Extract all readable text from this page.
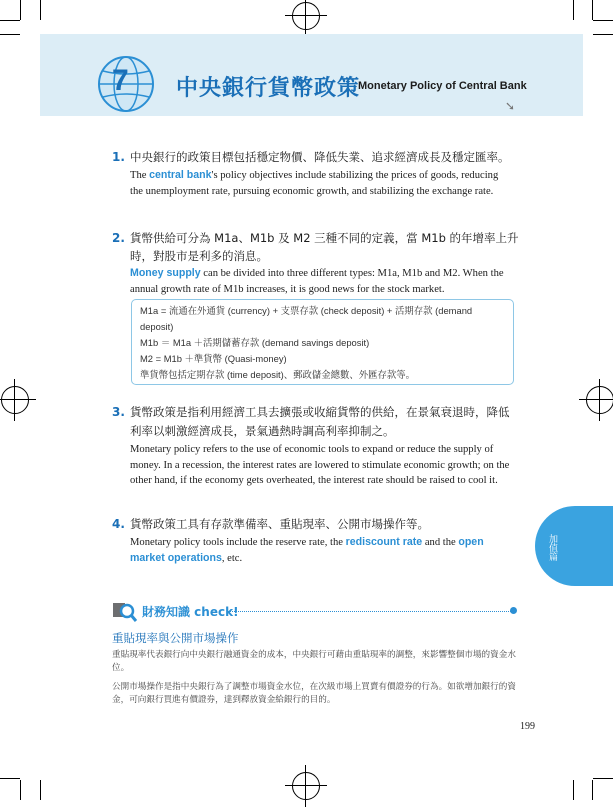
7 中央銀行貨幣政策
Monetary Policy of Central Bank
➘
1. 中央銀行的政策目標包括穩定物價、降低失業、追求經濟成長及穩定匯率。
The central bank's policy objectives include stabilizing the prices of goods, reducing the unemployment rate, pursuing economic growth, and stabilizing the exchange rate.
2. 貨幣供給可分為 M1a、M1b 及 M2 三種不同的定義，當 M1b 的年增率上升
時，對股市是利多的消息。
Money supply can be divided into three different types: M1a, M1b and M2. When the annual growth rate of M1b increases, it is good news for the stock market.
M1a = 流通在外通貨 (currency) + 支票存款 (check deposit) + 活期存款 (demand
deposit)
M1b ＝ M1a ＋活期儲蓄存款 (demand savings deposit)
M2 = M1b ＋準貨幣 (Quasi-money)
準貨幣包括定期存款 (time deposit)、郵政儲金總數、外匯存款等。
3. 貨幣政策是指利用經濟工具去擴張或收縮貨幣的供給，在景氣衰退時，降低
利率以刺激經濟成長，景氣過熱時調高利率抑制之。
Monetary policy refers to the use of economic tools to expand or reduce the supply of money. In a recession, the interest rates are lowered to stimulate economic growth; on the other hand, if the economy gets overheated, the interest rate should be raised to cool it.
4. 貨幣政策工具有存款準備率、重貼現率、公開市場操作等。
Monetary policy tools include the reserve rate, the rediscount rate and the open market operations, etc.	加值篇
財務知識 check!
重貼現率與公開市場操作
重貼現率代表銀行向中央銀行融通資金的成本，中央銀行可藉由重貼現率的調整，來影響整個市場的資金水位。
公開市場操作是指中央銀行為了調整市場資金水位，在次級市場上買賣有價證券的行為。如欲增加銀行的資金，可向銀行買進有價證券，達到釋放資金給銀行的目的。
199
